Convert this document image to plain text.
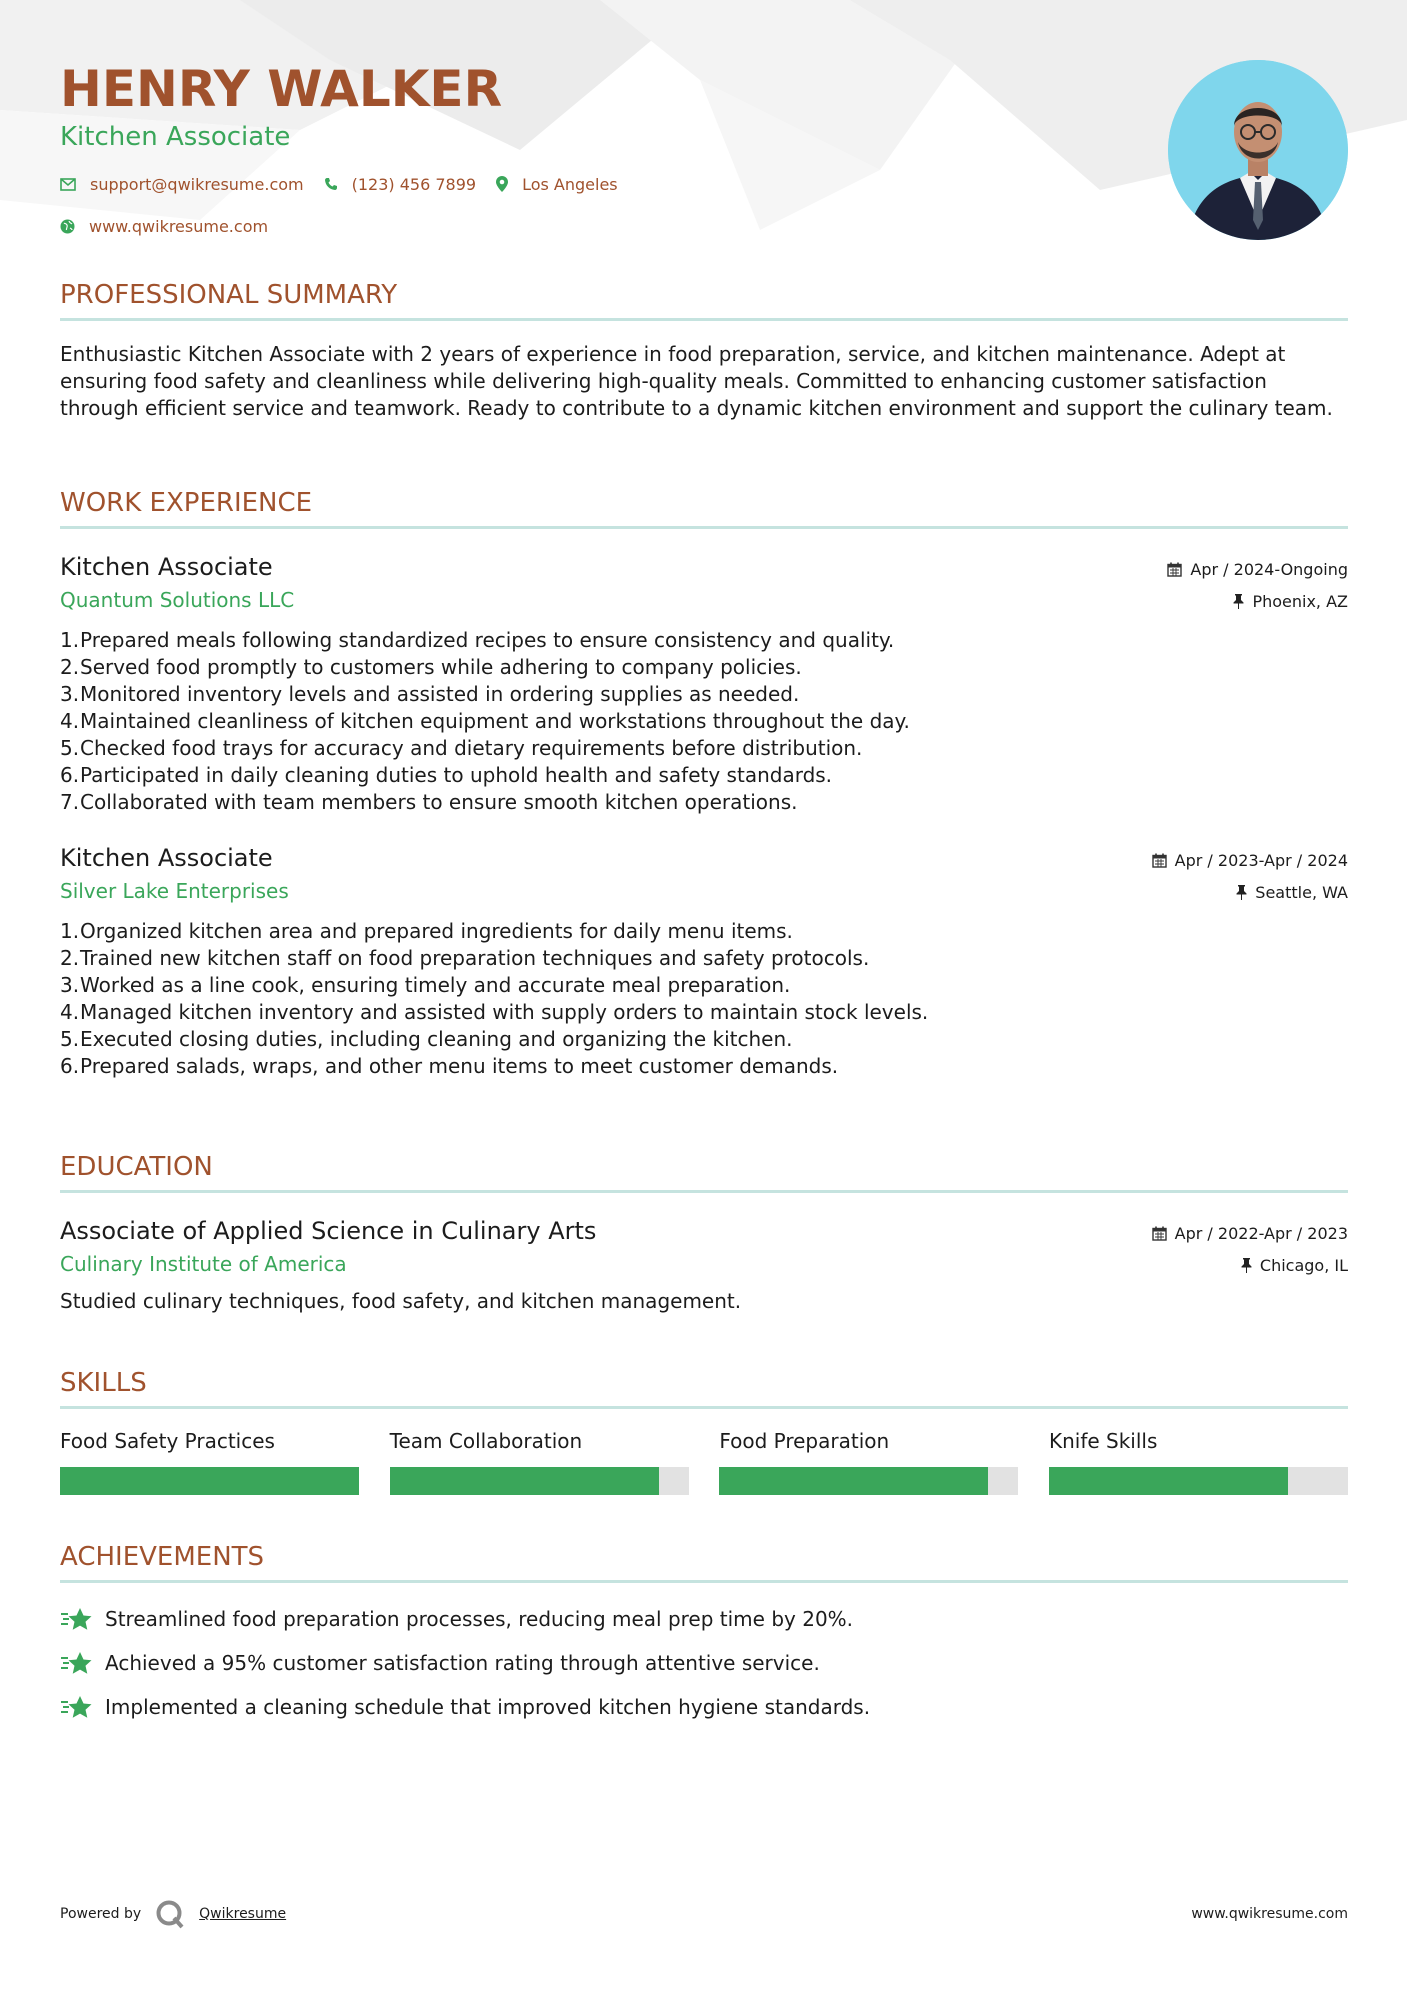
HENRY WALKER
Kitchen Associate
support@qwikresume.com	(123) 456 7899	Los Angeles
www.qwikresume.com
PROFESSIONAL SUMMARY

Enthusiastic Kitchen Associate with 2 years of experience in food preparation, service, and kitchen maintenance. Adept at ensuring food safety and cleanliness while delivering high-quality meals. Committed to enhancing customer satisfaction through efficient service and teamwork. Ready to contribute to a dynamic kitchen environment and support the culinary team.

WORK EXPERIENCE
Kitchen Associate
Quantum Solutions LLC
Apr / 2024-Ongoing
Phoenix, AZ
1. Prepared meals following standardized recipes to ensure consistency and quality.
2. Served food promptly to customers while adhering to company policies.
3. Monitored inventory levels and assisted in ordering supplies as needed.
4. Maintained cleanliness of kitchen equipment and workstations throughout the day.
5. Checked food trays for accuracy and dietary requirements before distribution.
6. Participated in daily cleaning duties to uphold health and safety standards.
7. Collaborated with team members to ensure smooth kitchen operations.
Kitchen Associate
Silver Lake Enterprises
Apr / 2023-Apr / 2024
Seattle, WA
1. Organized kitchen area and prepared ingredients for daily menu items.
2. Trained new kitchen staff on food preparation techniques and safety protocols.
3. Worked as a line cook, ensuring timely and accurate meal preparation.
4. Managed kitchen inventory and assisted with supply orders to maintain stock levels.
5. Executed closing duties, including cleaning and organizing the kitchen.
6. Prepared salads, wraps, and other menu items to meet customer demands.
EDUCATION
Associate of Applied Science in Culinary Arts
Culinary Institute of America
Apr / 2022-Apr / 2023
Chicago, IL

Studied culinary techniques, food safety, and kitchen management.

SKILLS
Food Safety Practices	Team Collaboration	Food Preparation	Knife Skills
ACHIEVEMENTS
Streamlined food preparation processes, reducing meal prep time by 20%.
Achieved a 95% customer satisfaction rating through attentive service.
Implemented a cleaning schedule that improved kitchen hygiene standards.
Powered by	Qwikresume	www.qwikresume.com
